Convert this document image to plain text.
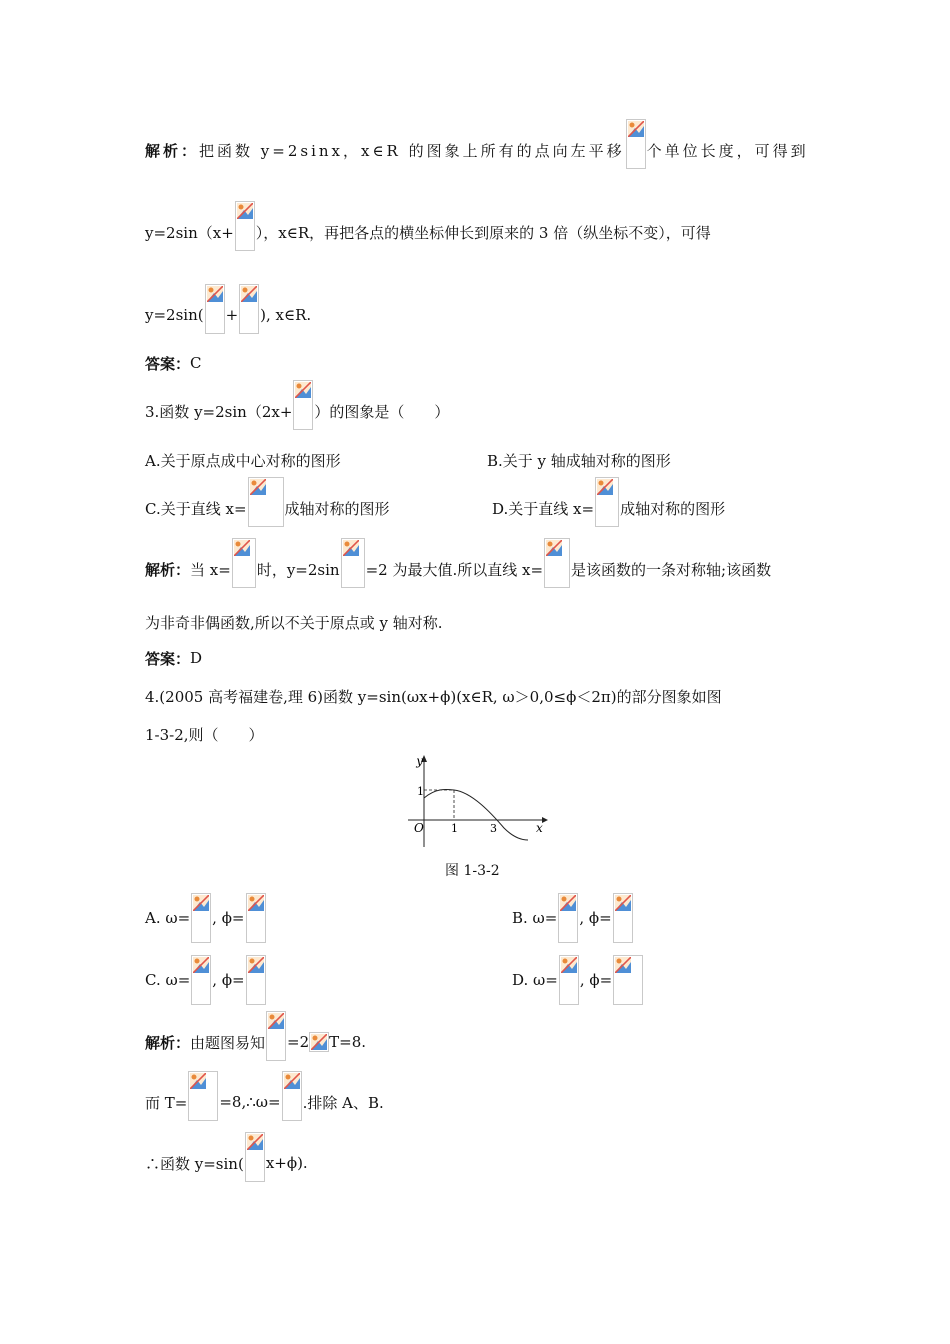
解析： 把函数 y=2sinx，x∈R 的图象上所有的点向左平移 个单位长度，可得到
y=2sin（x+ ），x∈R，再把各点的横坐标伸长到原来的 3 倍（纵坐标不变），可得
y=2sin( + ), x∈R.
答案： C
3.函数 y=2sin（2x+ ）的图象是（　　）
A.关于原点成中心对称的图形	B.关于 y 轴成轴对称的图形
C.关于直线 x=	成轴对称的图形	D.关于直线 x= 成轴对称的图形
解析： 当 x= 时，y=2sin =2 为最大值.所以直线 x= 是该函数的一条对称轴;该函数
为非奇非偶函数,所以不关于原点或 y 轴对称.
答案： D
4.(2005 高考福建卷,理 6)函数 y=sin(ωx+ϕ)(x∈R, ω＞0,0≤ϕ＜2π)的部分图象如图
1-3-2,则（　　）
y
x
O
1
1	3
图 1-3-2
A. ω= , ϕ=	B. ω= , ϕ=
C. ω= , ϕ=	D. ω= , ϕ=
解析： 由题图易知 =2 T=8.
而 T= =8,∴ω= .排除 A、B.
∴函数 y=sin( x+ϕ).
